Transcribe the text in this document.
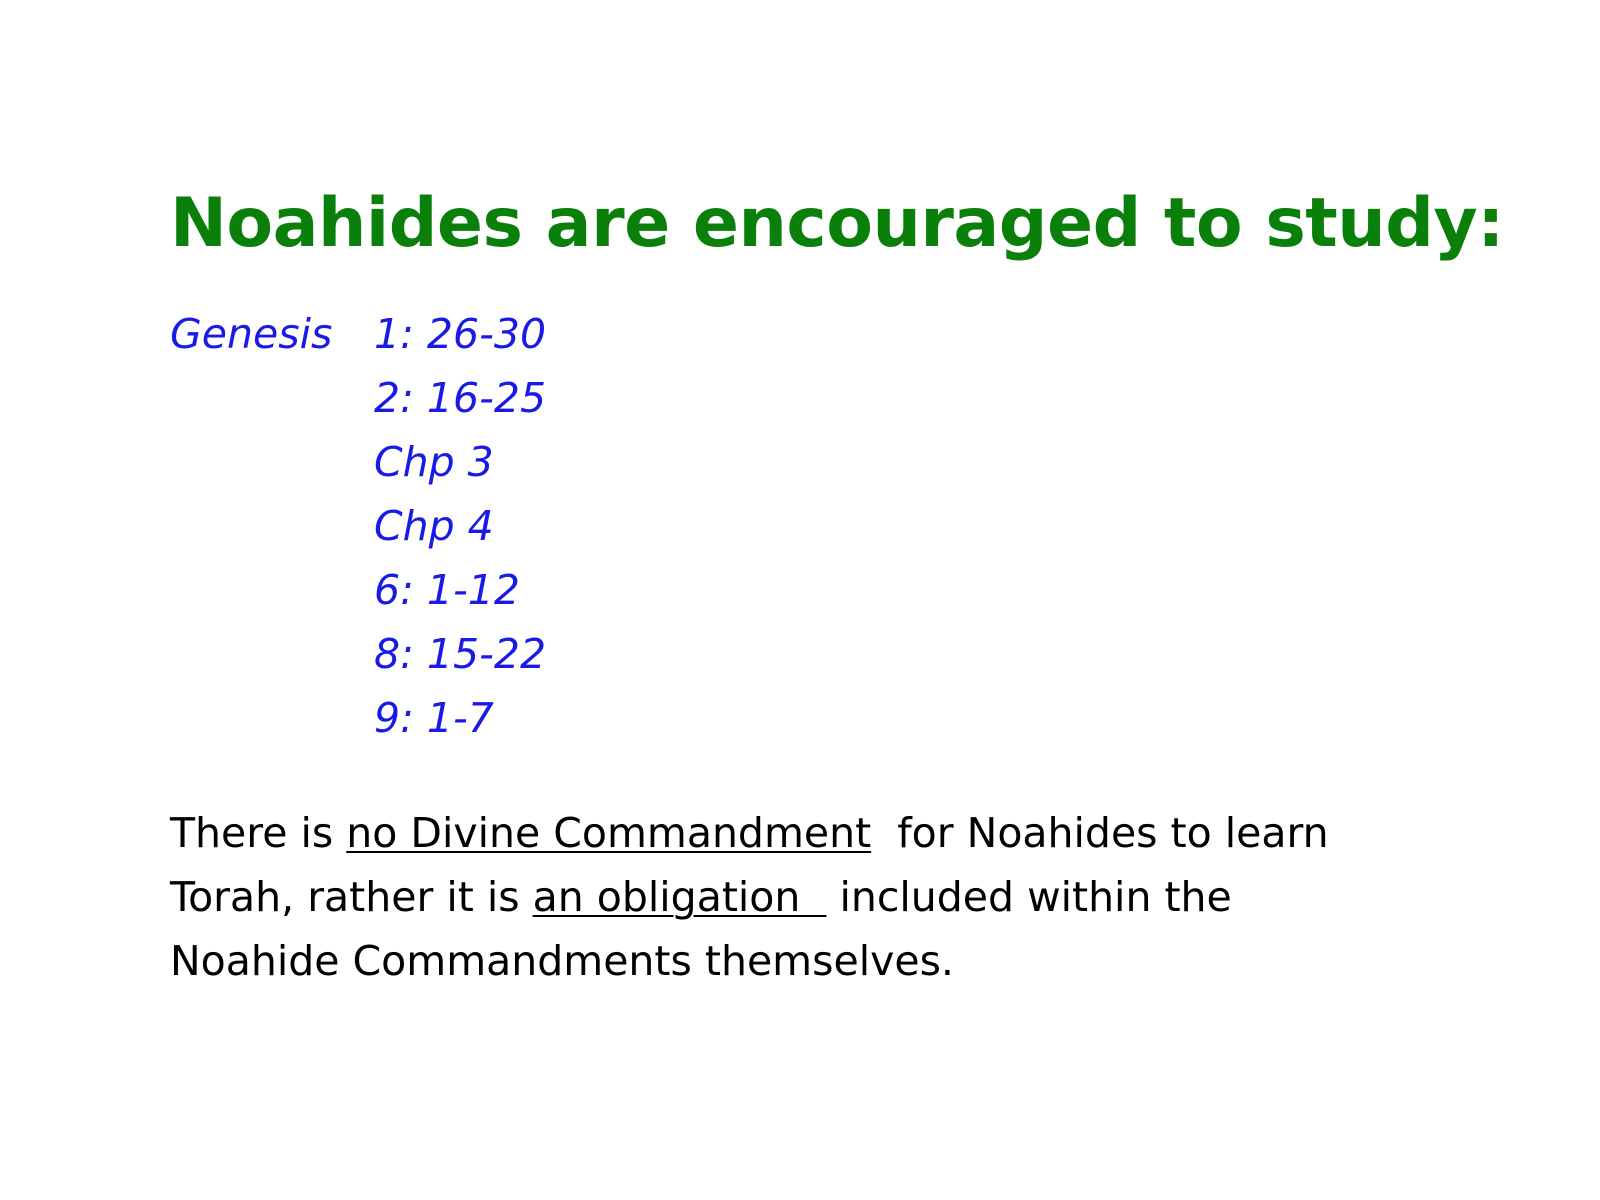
Noahides are encouraged to study:
Genesis 1: 26-30
2: 16-25
Chp 3
Chp 4
6: 1-12
8: 15-22
9: 1-7
There is no Divine Commandment  for Noahides to learn
Torah, rather it is an obligation   included within the
Noahide Commandments themselves.
